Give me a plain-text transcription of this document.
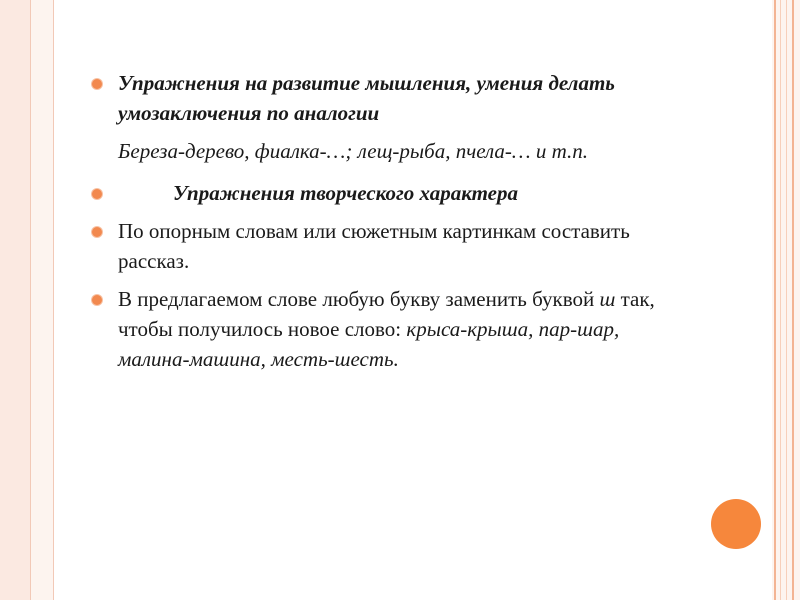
Упражнения на развитие мышления, умения делать умозаключения по аналогии
Береза-дерево, фиалка-…; лещ-рыба, пчела-… и т.п.
Упражнения творческого характера
По опорным словам или сюжетным картинкам составить рассказ.
В предлагаемом слове любую букву заменить буквой ш так, чтобы получилось новое слово: крыса-крыша, пар-шар, малина-машина, месть-шесть.
